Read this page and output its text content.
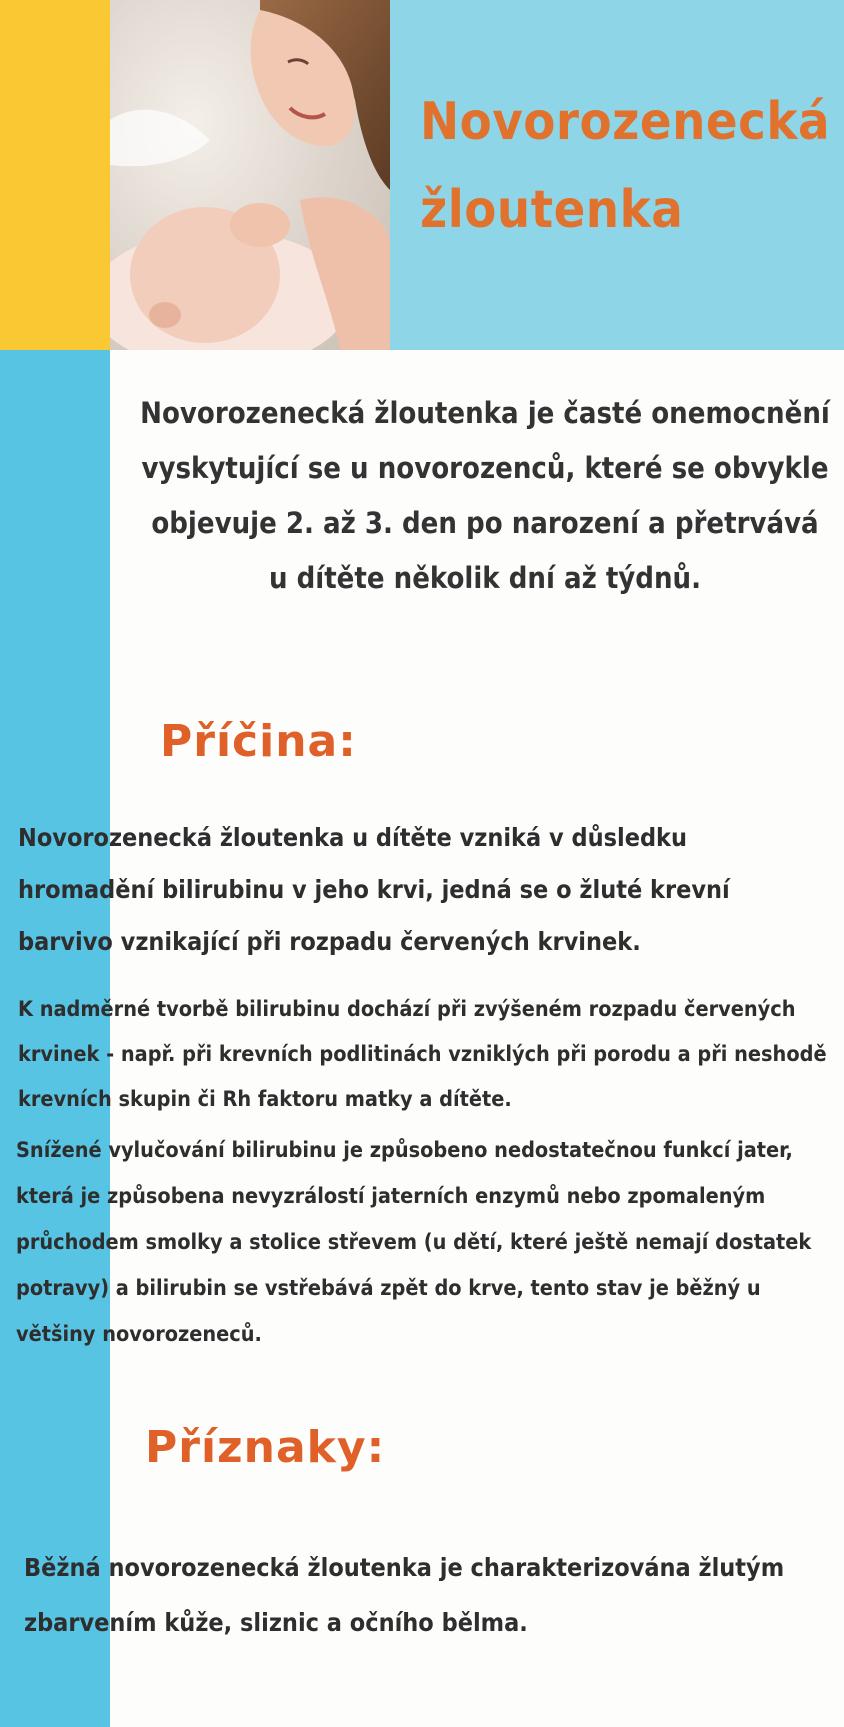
Novorozenecká
žloutenka

Novorozenecká žloutenka je časté onemocnění vyskytující se u novorozenců, které se obvykle objevuje 2. až 3. den po narození a přetrvává u dítěte několik dní až týdnů.

Příčina:

Novorozenecká žloutenka u dítěte vzniká v důsledku hromadění bilirubinu v jeho krvi, jedná se o žluté krevní barvivo vznikající při rozpadu červených krvinek.

K nadměrné tvorbě bilirubinu dochází při zvýšeném rozpadu červených krvinek - např. při krevních podlitinách vzniklých při porodu a při neshodě krevních skupin či Rh faktoru matky a dítěte.

Snížené vylučování bilirubinu je způsobeno nedostatečnou funkcí jater, která je způsobena nevyzrálostí jaterních enzymů nebo zpomaleným průchodem smolky a stolice střevem (u dětí, které ještě nemají dostatek potravy) a bilirubin se vstřebává zpět do krve, tento stav je běžný u většiny novorozeneců.

Příznaky:

Běžná novorozenecká žloutenka je charakterizována žlutým zbarvením kůže, sliznic a očního bělma.
